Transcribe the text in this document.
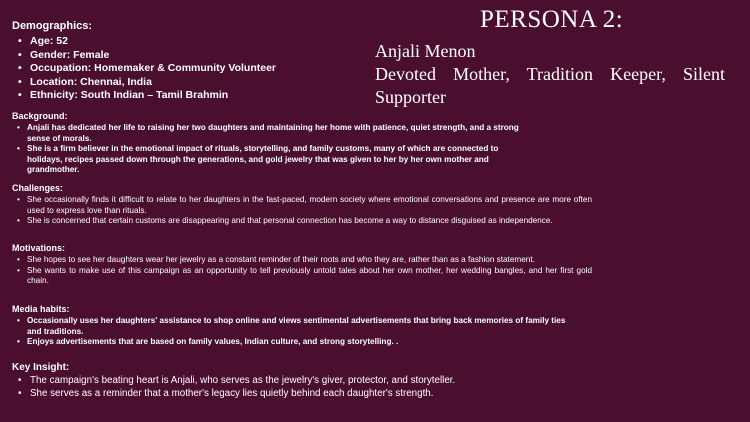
PERSONA 2:
Anjali Menon
Devoted Mother, Tradition Keeper, Silent Supporter
Demographics:
• Age: 52
• Gender: Female
• Occupation: Homemaker & Community Volunteer
• Location: Chennai, India
• Ethnicity: South Indian – Tamil Brahmin
Background:
• Anjali has dedicated her life to raising her two daughters and maintaining her home with patience, quiet strength, and a strong sense of morals.
• She is a firm believer in the emotional impact of rituals, storytelling, and family customs, many of which are connected to holidays, recipes passed down through the generations, and gold jewelry that was given to her by her own mother and grandmother.
Challenges:
• She occasionally finds it difficult to relate to her daughters in the fast-paced, modern society where emotional conversations and presence are more often used to express love than rituals.
• She is concerned that certain customs are disappearing and that personal connection has become a way to distance disguised as independence.
Motivations:
• She hopes to see her daughters wear her jewelry as a constant reminder of their roots and who they are, rather than as a fashion statement.
• She wants to make use of this campaign as an opportunity to tell previously untold tales about her own mother, her wedding bangles, and her first gold chain.
Media habits:
• Occasionally uses her daughters' assistance to shop online and views sentimental advertisements that bring back memories of family ties and traditions.
• Enjoys advertisements that are based on family values, Indian culture, and strong storytelling. .
Key Insight:
• The campaign's beating heart is Anjali, who serves as the jewelry's giver, protector, and storyteller.
• She serves as a reminder that a mother's legacy lies quietly behind each daughter's strength.
